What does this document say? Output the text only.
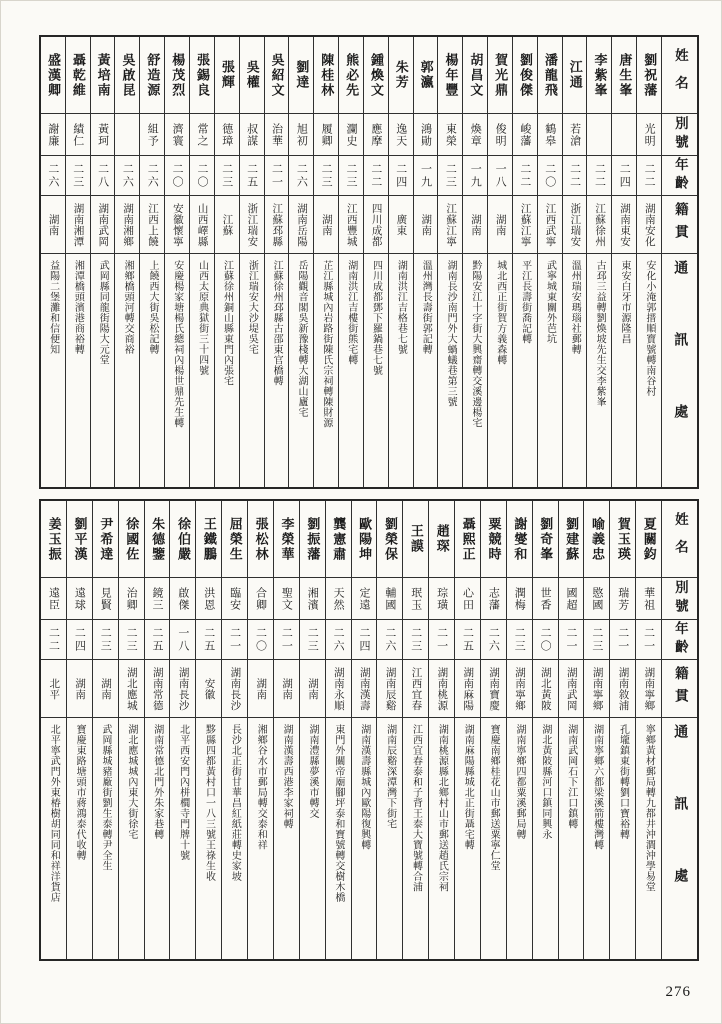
姓名
別號
年齡
籍貫
通訊處
劉祝藩
光明
二二
湖南安化
安化小淹郭搢順寶號轉南谷村
唐生峯
二四
湖南東安
東安白牙市源隆昌
李紫峯
二二
江蘇徐州
古邳三益轉劉煥坡先生交李紫峯
江通
若滄
二二
浙江瑞安
溫州瑞安瑪瑙社郵轉
潘龍飛
鶴皋
二〇
江西武寧
武寧城東關外芭坑
劉俊傑
峻藩
二二
江蘇江寧
平江長壽街喬記轉
賀光鼎
俊明
一八
湖南
城北西正街賀方義森轉
胡昌文
煥章
一九
湖南
黔陽安江十字街大興齋轉交溪邊楊宅
楊年豐
東榮
二三
江蘇江寧
湖南長沙南門外大蝸蟻巷第三號
郭瀛
鴻勛
一九
湖南
溫州灣長壽街郭記轉
朱芳
逸天
二四
廣東
湖南洪江吉格巷七號
鍾煥文
應摩
二二
四川成都
四川成都鄧下羅鍋巷七號
熊必先
瀾史
二三
江西豐城
湖南洪江吉樓街熊宅轉
陳桂林
履卿
二三
湖南
芷江縣城內岩路街陳氏宗祠轉陳財源
劉達
旭初
二六
湖南岳陽
岳陽觀音閣吳新豫棧轉大湖山廬宅
吳紹文
治華
二一
江蘇邳縣
江蘇徐州邳縣古邵東官橋轉
吳權
叔謀
二五
浙江瑞安
浙江瑞安大沙堤吳宅
張輝
德璋
二三
江蘇
江蘇徐州銅山縣東門內張宅
張錫良
常之
二〇
山西嶧縣
山西太原典獄街三十四號
楊茂烈
濟寰
二〇
安徽懷寧
安慶楊家塘楊氏總祠內楊世鼎先生轉
舒造源
組予
二六
江西上饒
上饒西大街吳松記轉
吳啟昆
二六
湖南湘鄉
湘鄉橋頭河轉交商裕
黃培南
黃珂
二八
湖南武岡
武岡縣同龍街陽大元堂
聶乾維
績仁
二三
湖南湘潭
湘潭橋頭濱港商裕轉
盛漢卿
謝廉
二六
湖南
益陽二堡灘和信便知
姓名
別號
年齡
籍貫
通訊處
夏關鈞
華祖
二一
湖南寧鄉
寧鄉黃材郵局轉九都井沖澗沖學易堂
賀玉瑛
瑞芳
二一
湖南敘浦
孔壠鎮東街轉劉口寶裕轉
喻義忠
愍國
二三
湖南寧鄉
湖南寧鄉六都梁溪箭樓灣轉
劉建蘇
國超
二一
湖南武岡
湖南武岡石下江口鎮轉
劉奇峯
世香
二〇
湖北黃陂
湖北黃陂縣河口鎮同興永
謝燮和
潤梅
二三
湖南寧鄉
湖南寧鄉四都粟溪郵局轉
粟競時
志藩
二六
湖南寶慶
寶慶南鄉桂花山市郵送粟寧仁堂
聶熙正
心田
二五
湖南麻陽
湖南麻陽縣城北正街聶宅轉
趙琛
琮璜
二一
湖南桃源
湖南桃源縣北鄉村山市郵送趙氏宗祠
王謨
珉玉
二三
江西宜春
江西宜春泰和子背王泰大寶號轉合浦
劉榮保
輔國
二六
湖南辰谿
湖南辰谿深潭灣下街宅
歐陽坤
定遠
二四
湖南漢壽
湖南漢壽縣城內歐陽復興轉
龔憲肅
天然
二六
湖南永順
東門外關帝廟腳坪泰和寶號轉交樹木橋
劉振藩
湘濱
二三
湖南
湖南澧縣夢溪市轉交
李榮華
聖文
二一
湖南
湖南漢壽西港李家祠轉
張松林
合卿
二〇
湖南
湘鄉谷水市郵局轉交泰和祥
屈榮生
臨安
二一
湖南長沙
長沙北正街甘華昌紅紙莊轉史家坡
王鐵鵬
洪恩
二五
安徽
黟縣四都黃村口一八三號王祿生收
徐伯嚴
啟傑
一八
湖南長沙
北平西安門內栟櫚寺門牌十號
朱德鑒
鏡三
二五
湖南常德
湖南常德北門外朱家巷轉
徐國佐
治卿
二三
湖北應城
湖北應城城內東大街徐宅
尹希達
見賢
二三
湖南
武岡縣城豬廠街劉生泰轉尹全生
劉平漢
遠球
二四
湖南
寶慶東路塘頭市蔣鴻泰代收轉
姜玉振
遠臣
二二
北平
北平寧武門外東椿樹胡同同和祥洋貨店
276
